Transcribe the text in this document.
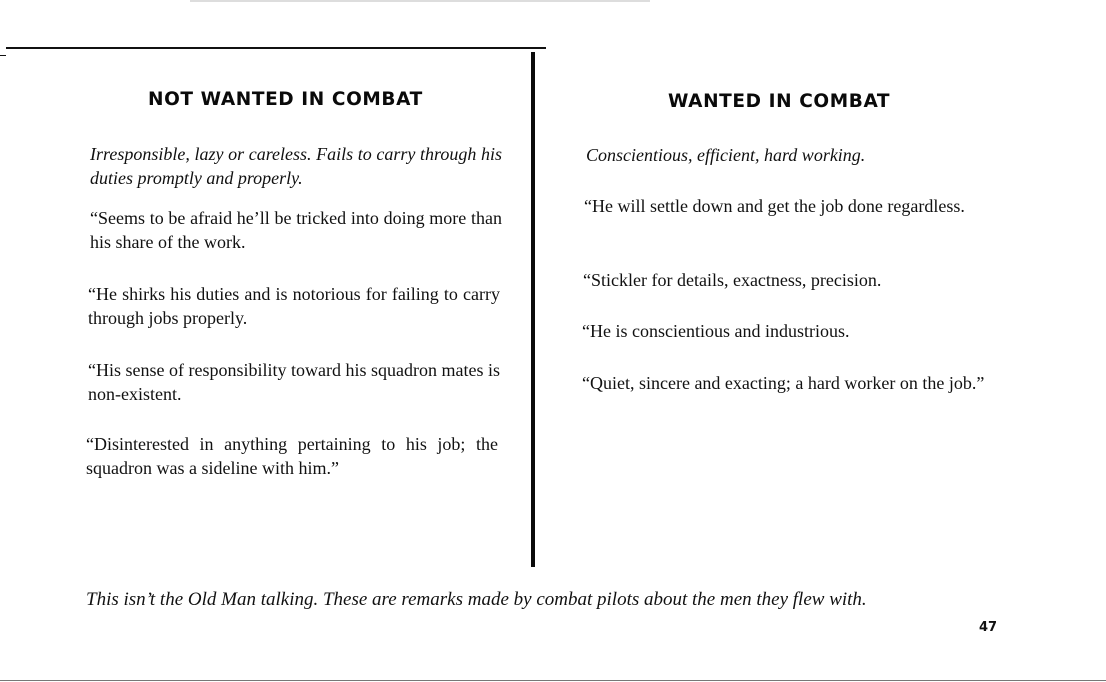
NOT WANTED IN COMBAT

Irresponsible, lazy or careless. Fails to carry through his duties promptly and properly.

“Seems to be afraid he’ll be tricked into doing more than his share of the work.

“He shirks his duties and is notorious for failing to carry through jobs properly.

“His sense of responsibility toward his squadron mates is non-existent.

“Disinterested in anything pertaining to his job; the squadron was a sideline with him.”

WANTED IN COMBAT

Conscientious, efficient, hard working.

“He will settle down and get the job done regardless.

“Stickler for details, exactness, precision.

“He is conscientious and industrious.

“Quiet, sincere and exacting; a hard worker on the job.”

This isn’t the Old Man talking. These are remarks made by combat pilots about the men they flew with.
47
